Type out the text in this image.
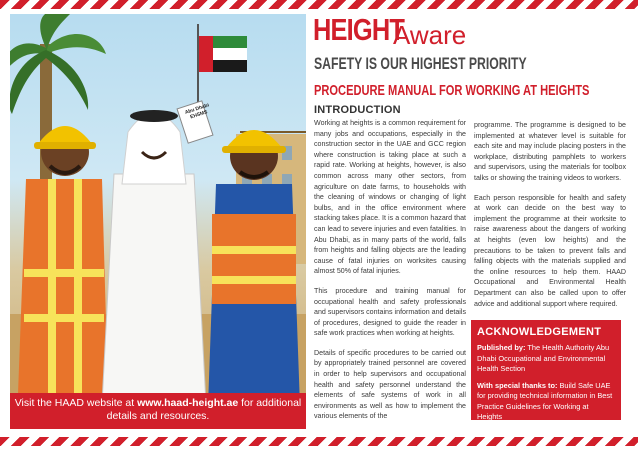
Abu Dhabi EHSMS
Visit the HAAD website at www.haad-height.ae for additional details and resources.
HEIGHT
Aware
SAFETY IS OUR HIGHEST PRIORITY
PROCEDURE MANUAL FOR WORKING AT HEIGHTS
INTRODUCTION

Working at heights is a common requirement for many jobs and occupations, especially in the construction sector in the UAE and GCC region where construction is taking place at such a rapid rate. Working at heights, however, is also common across many other sectors, from agriculture on date farms, to households with the cleaning of windows or changing of light bulbs, and in the office environment where stacking takes place. It is a common hazard that can lead to severe injuries and even fatalities. In Abu Dhabi, as in many parts of the world, falls from heights and falling objects are the leading cause of fatal injuries on worksites causing almost 50% of fatal injuries.

This procedure and training manual for occupational health and safety professionals and supervisors contains information and details of procedures, designed to guide the reader in safe work practices when working at heights.

Details of specific procedures to be carried out by appropriately trained personnel are covered in order to help supervisors and occupational health and safety personnel understand the elements of safe systems of work in all environments as well as how to implement the various elements of the

programme. The programme is designed to be implemented at whatever level is suitable for each site and may include placing posters in the workplace, distributing pamphlets to workers and supervisors, using the materials for toolbox talks or showing the training videos to workers.

Each person responsible for health and safety at work can decide on the best way to implement the programme at their worksite to raise awareness about the dangers of working at heights (even low heights) and the precautions to be taken to prevent falls and falling objects with the materials supplied and the online resources to help them. HAAD Occupational and Environmental Health Department can also be called upon to offer advice and additional support where required.

ACKNOWLEDGEMENT

Published by: The Health Authority Abu Dhabi Occupational and Environmental Health Section

With special thanks to: Build Safe UAE for providing technical information in Best Practice Guidelines for Working at Heights
